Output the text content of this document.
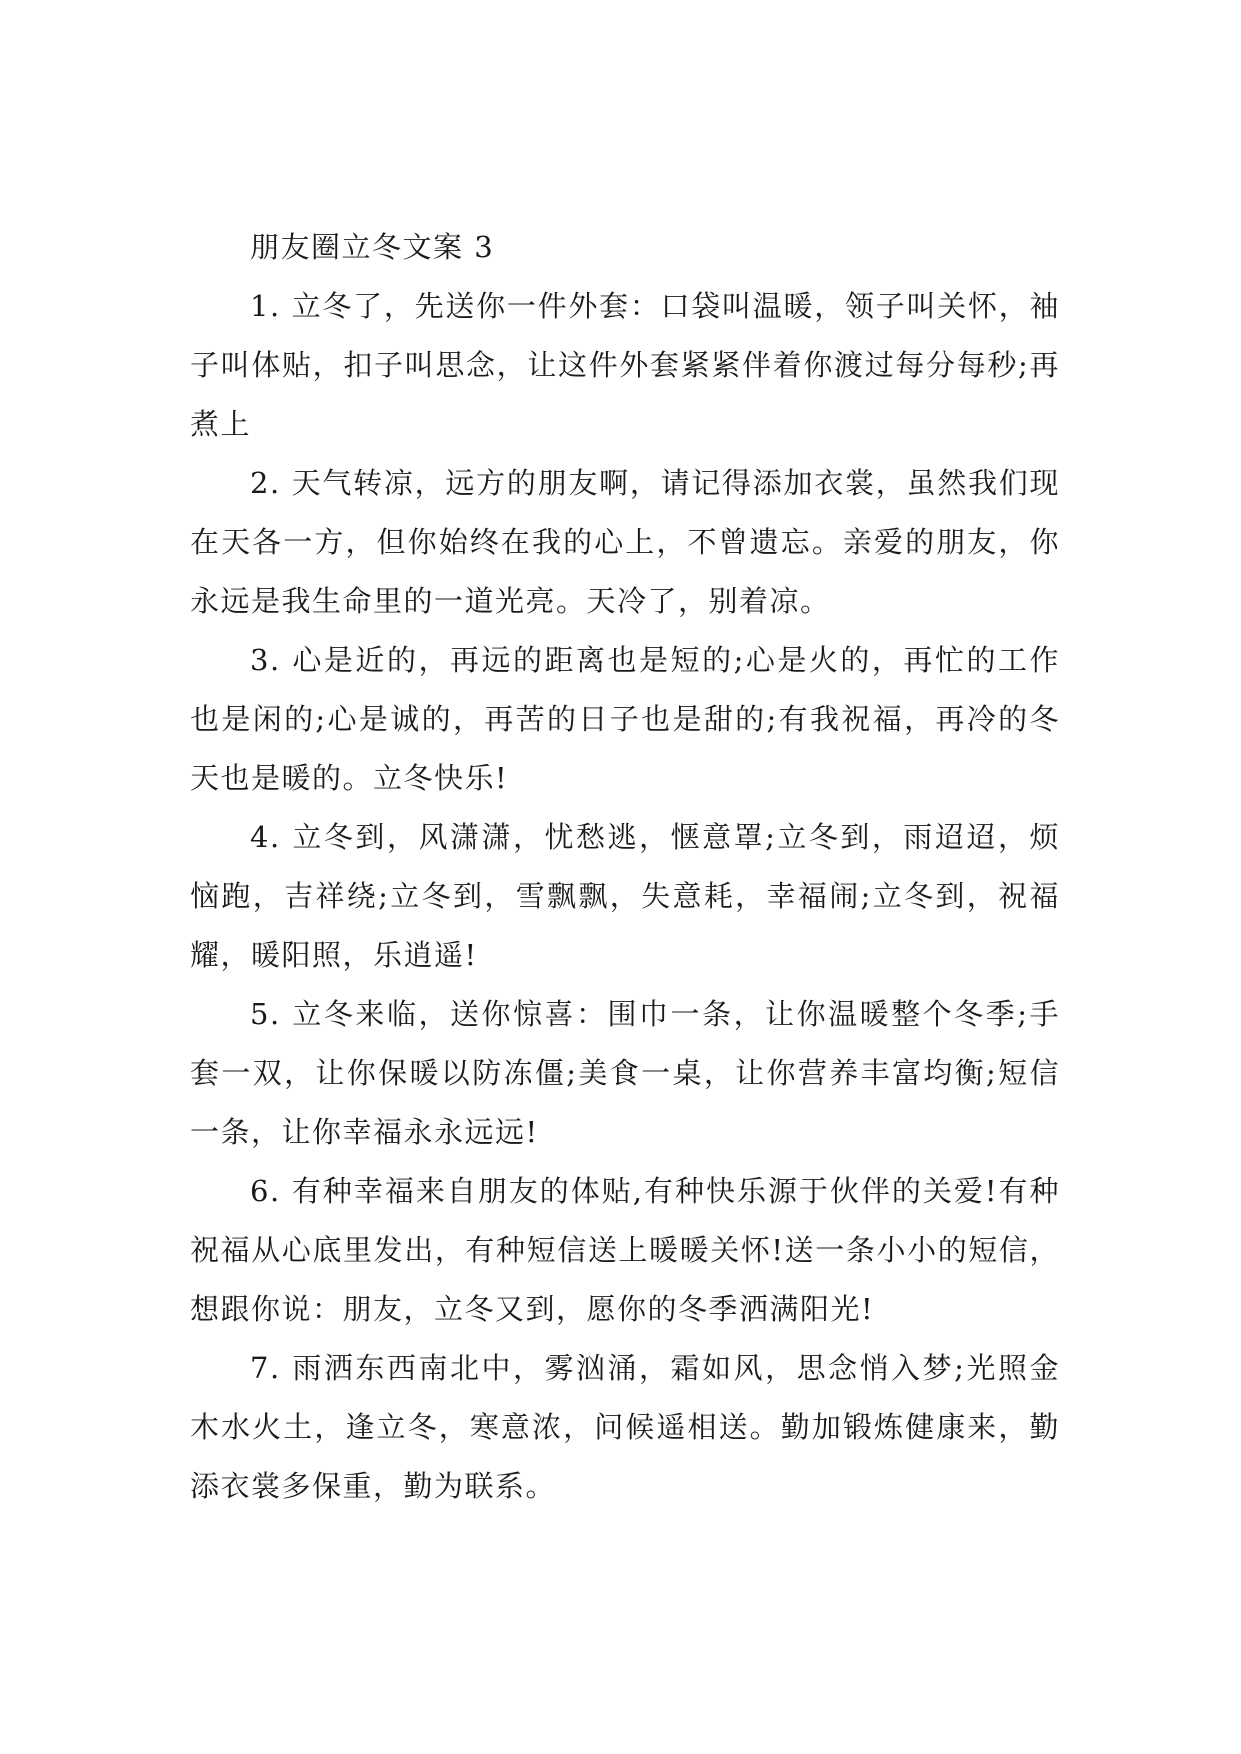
朋友圈立冬文案 3

1. 立冬了，先送你一件外套：口袋叫温暖，领子叫关怀，袖子叫体贴，扣子叫思念，让这件外套紧紧伴着你渡过每分每秒;再煮上

2. 天气转凉，远方的朋友啊，请记得添加衣裳，虽然我们现在天各一方，但你始终在我的心上，不曾遗忘。亲爱的朋友，你永远是我生命里的一道光亮。天冷了，别着凉。

3. 心是近的，再远的距离也是短的;心是火的，再忙的工作也是闲的;心是诚的，再苦的日子也是甜的;有我祝福，再冷的冬天也是暖的。立冬快乐!

4. 立冬到，风潇潇，忧愁逃，惬意罩;立冬到，雨迢迢，烦恼跑，吉祥绕;立冬到，雪飘飘，失意耗，幸福闹;立冬到，祝福耀，暖阳照，乐逍遥!

5. 立冬来临，送你惊喜：围巾一条，让你温暖整个冬季;手套一双，让你保暖以防冻僵;美食一桌，让你营养丰富均衡;短信一条，让你幸福永永远远!

6. 有种幸福来自朋友的体贴,有种快乐源于伙伴的关爱!有种祝福从心底里发出，有种短信送上暖暖关怀!送一条小小的短信，想跟你说：朋友，立冬又到，愿你的冬季洒满阳光!

7. 雨洒东西南北中，雾汹涌，霜如风，思念悄入梦;光照金木水火土，逢立冬，寒意浓，问候遥相送。勤加锻炼健康来，勤添衣裳多保重，勤为联系。
